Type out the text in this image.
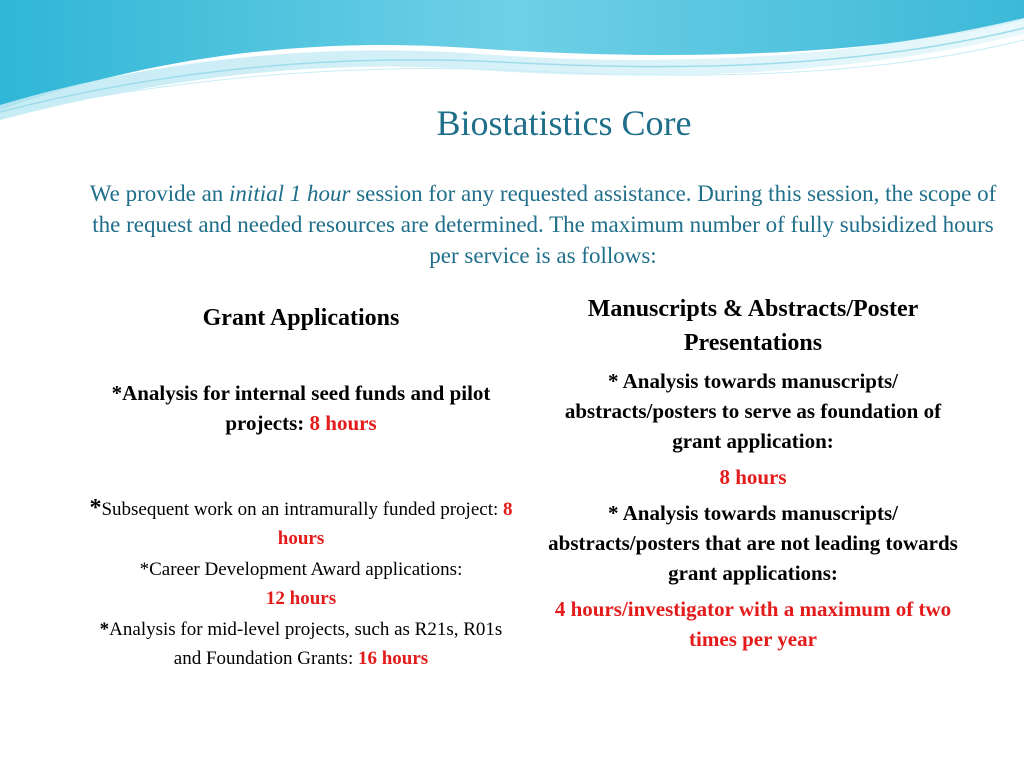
Biostatistics Core

We provide an initial 1 hour session for any requested assistance. During this session, the scope of the request and needed resources are determined. The maximum number of fully subsidized hours per service is as follows:

Grant Applications

*Analysis for internal seed funds and pilot projects: 8 hours

*Subsequent work on an intramurally funded project: 8 hours

*Career Development Award applications:
12 hours

*Analysis for mid-level projects, such as R21s, R01s and Foundation Grants: 16 hours

Manuscripts & Abstracts/Poster Presentations

* Analysis towards manuscripts/ abstracts/posters to serve as foundation of grant application:

8 hours

* Analysis towards manuscripts/ abstracts/posters that are not leading towards grant applications:

4 hours/investigator with a maximum of two times per year
